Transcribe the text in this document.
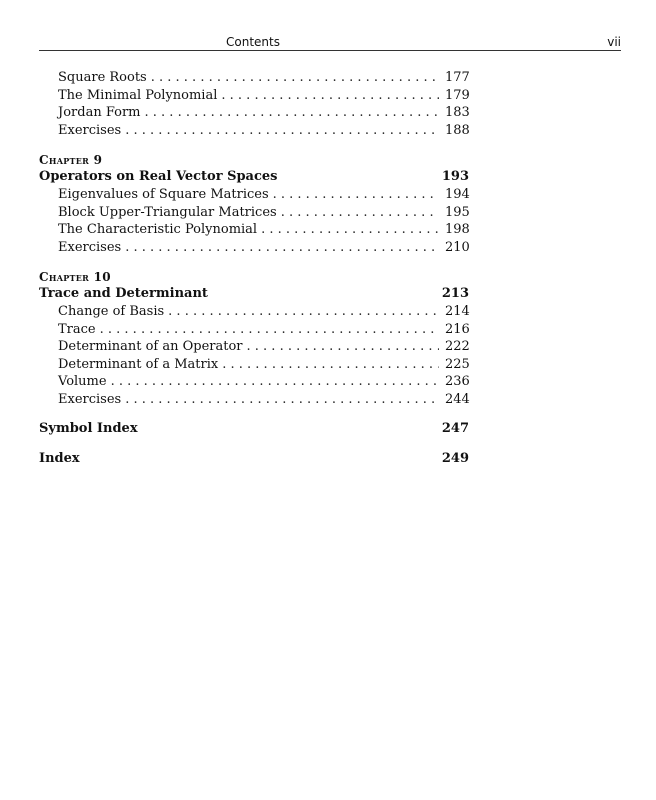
Contents	vii
Square Roots . . .	177
The Minimal Polynomial . . .	179
Jordan Form . . .	183
Exercises . . .	188
Chapter 9
Operators on Real Vector Spaces	193
Eigenvalues of Square Matrices . . .	194
Block Upper-Triangular Matrices . . .	195
The Characteristic Polynomial . . .	198
Exercises . . .	210
Chapter 10
Trace and Determinant	213
Change of Basis . . .	214
Trace . . .	216
Determinant of an Operator . . .	222
Determinant of a Matrix . . .	225
Volume . . .	236
Exercises . . .	244
Symbol Index	247
Index	249
